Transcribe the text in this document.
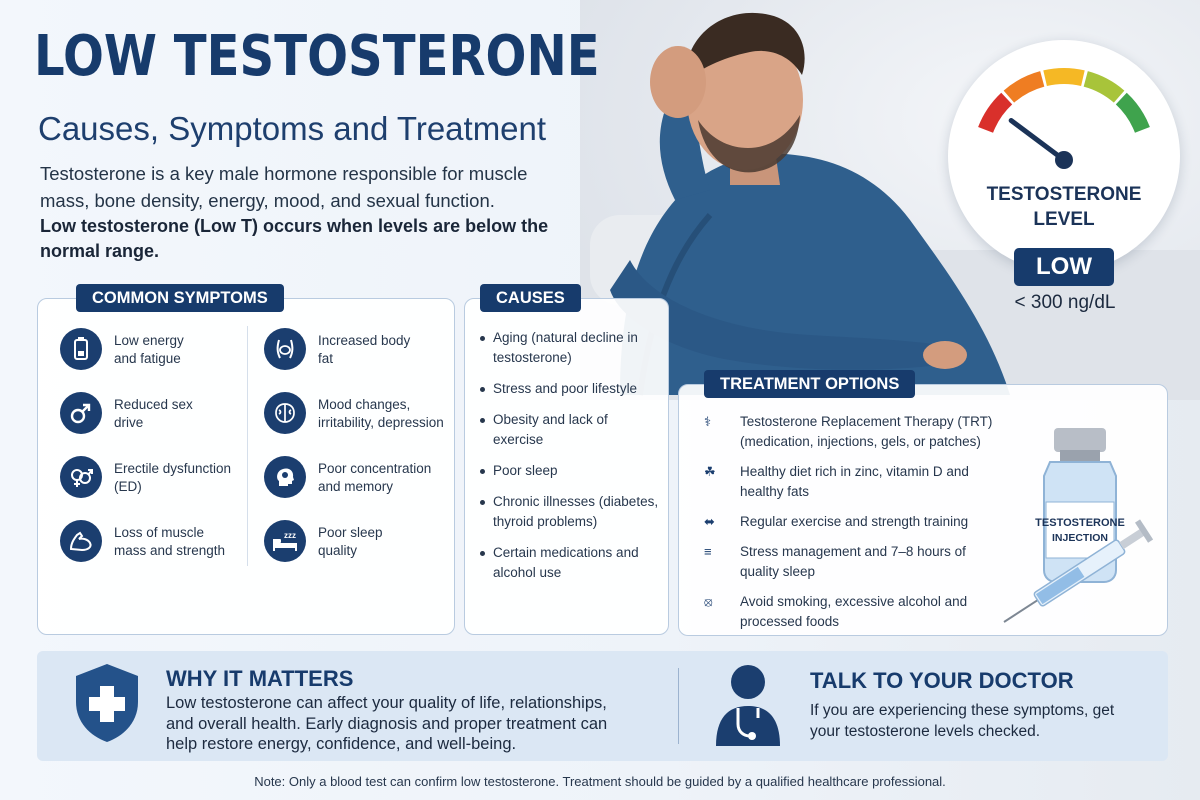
LOW TESTOSTERONE
Causes, Symptoms and Treatment
Testosterone is a key male hormone responsible for muscle mass, bone density, energy, mood, and sexual function.
Low testosterone (Low T) occurs when levels are below the normal range.
TESTOSTERONE
LEVEL
LOW
< 300 ng/dL
COMMON SYMPTOMS
Low energy
and fatigue
Increased body
fat
Reduced sex
drive
Mood changes,
irritability, depression
Erectile dysfunction
(ED)
Poor concentration
and memory
Loss of muscle
mass and strength
zzz Poor sleep
quality
CAUSES
Aging (natural decline in testosterone)
Stress and poor lifestyle
Obesity and lack of exercise
Poor sleep
Chronic illnesses (diabetes, thyroid problems)
Certain medications and alcohol use
TREATMENT OPTIONS
⚕	Testosterone Replacement Therapy (TRT) (medication, injections, gels, or patches)
☘	Healthy diet rich in zinc, vitamin D and healthy fats
⬌	Regular exercise and strength training
≡	Stress management and 7–8 hours of quality sleep
⦻	Avoid smoking, excessive alcohol and processed foods
TESTOSTERONE
INJECTION
WHY IT MATTERS
Low testosterone can affect your quality of life, relationships, and overall health. Early diagnosis and proper treatment can help restore energy, confidence, and well-being.
TALK TO YOUR DOCTOR
If you are experiencing these symptoms, get your testosterone levels checked.
Note: Only a blood test can confirm low testosterone. Treatment should be guided by a qualified healthcare professional.
